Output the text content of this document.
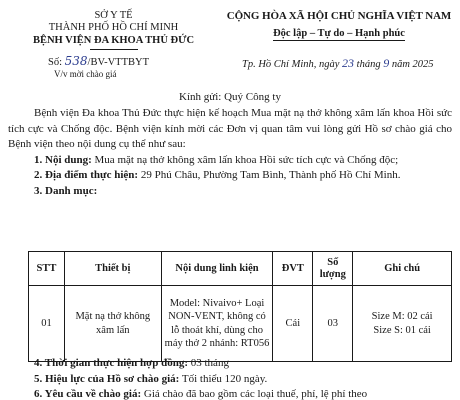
SỞ Y TẾ
THÀNH PHỐ HỒ CHÍ MINH
BỆNH VIỆN ĐA KHOA THỦ ĐỨC
CỘNG HÒA XÃ HỘI CHỦ NGHĨA VIỆT NAM
Độc lập – Tự do – Hạnh phúc
Số: 538/BV-VTTBYT
V/v mời chào giá
Tp. Hồ Chí Minh, ngày 23 tháng 9 năm 2025
Kính gửi: Quý Công ty

Bệnh viện Đa khoa Thủ Đức thực hiện kế hoạch Mua mặt nạ thở không xâm lấn khoa Hồi sức tích cực và Chống độc. Bệnh viện kính mời các Đơn vị quan tâm vui lòng gửi Hồ sơ chào giá cho Bệnh viện theo nội dung cụ thể như sau:

1. Nội dung: Mua mặt nạ thở không xâm lấn khoa Hồi sức tích cực và Chống độc;

2. Địa điểm thực hiện: 29 Phú Châu, Phường Tam Bình, Thành phố Hồ Chí Minh.

3. Danh mục:

STT	Thiết bị	Nội dung linh kiện	ĐVT	Số lượng	Ghi chú
01	Mặt nạ thở không xâm lấn	Model: Nivaivo+ Loại NON-VENT, không có lỗ thoát khí, dùng cho máy thở 2 nhánh: RT056	Cái	03	Size M: 02 cái
Size S: 01 cái

4. Thời gian thực hiện hợp đồng: 03 tháng

5. Hiệu lực của Hồ sơ chào giá: Tối thiểu 120 ngày.

6. Yêu cầu về chào giá: Giá chào đã bao gồm các loại thuế, phí, lệ phí theo
